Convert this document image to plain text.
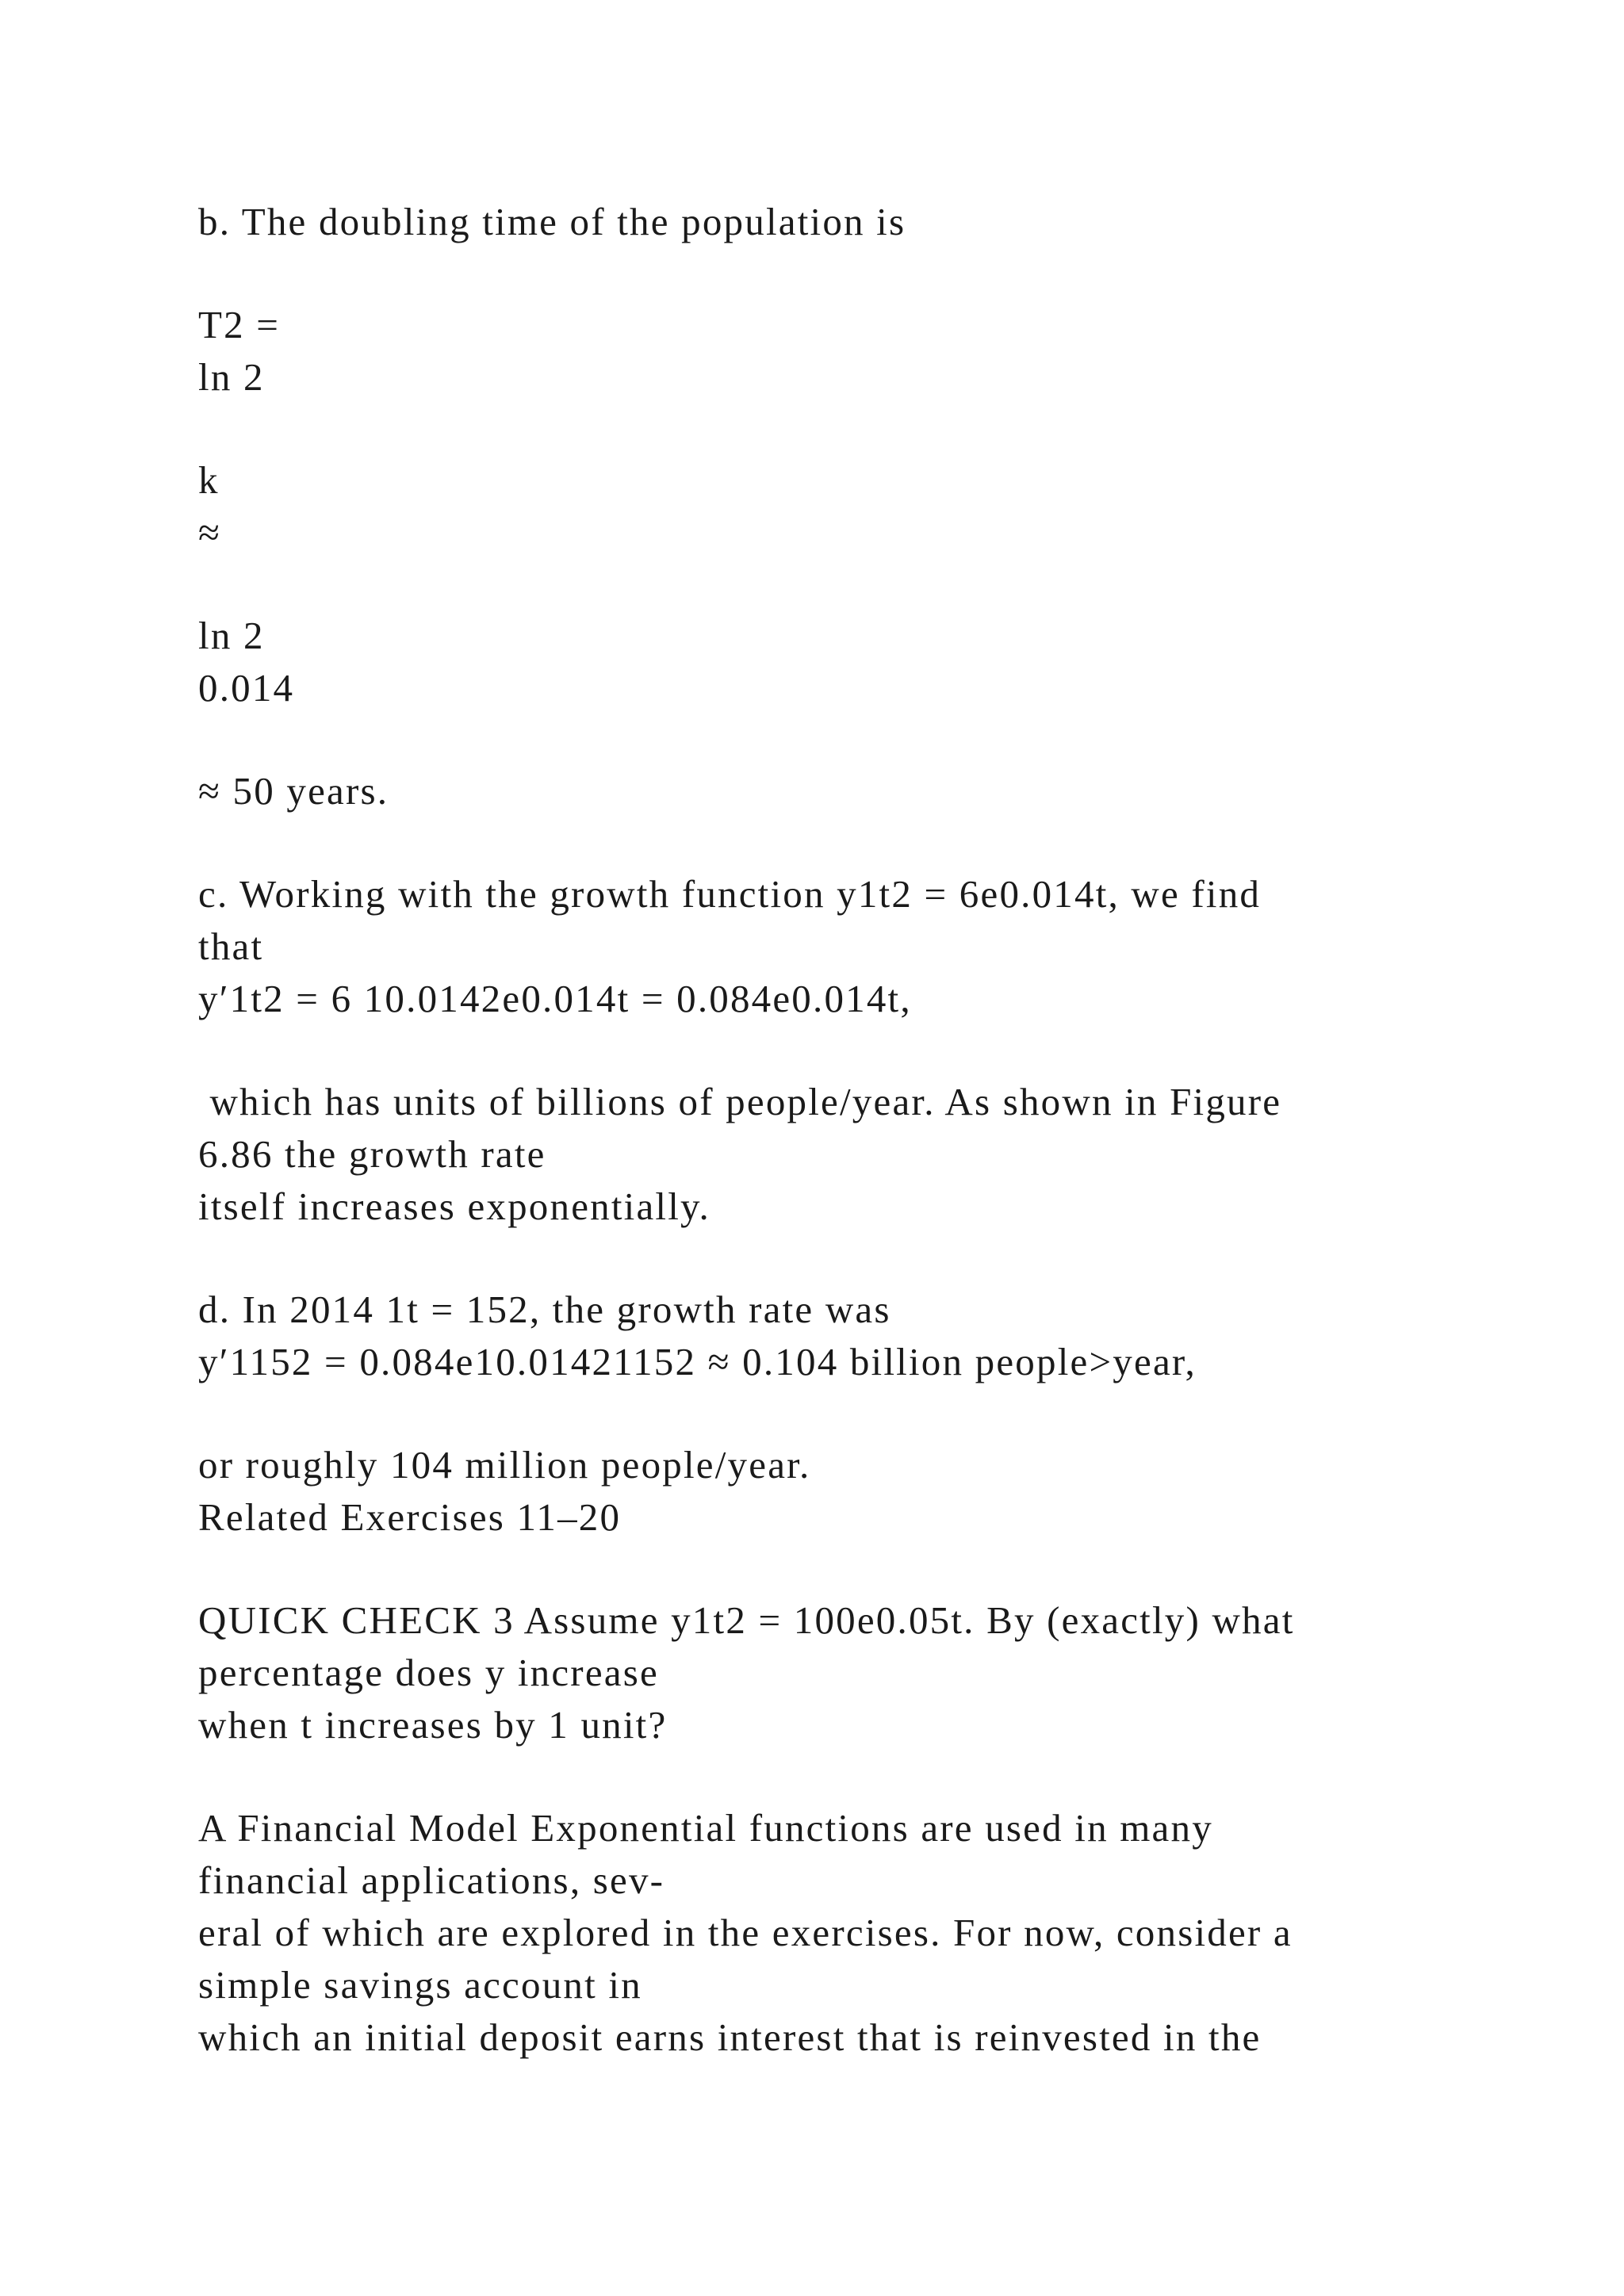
b. The doubling time of the population is

T2 =

ln 2

k

≈

ln 2

0.014

≈ 50 years.

c. Working with the growth function y1t2 = 6e0.014t, we find

that

y′1t2 = 6 10.0142e0.014t = 0.084e0.014t,

which has units of billions of people/year. As shown in Figure

6.86 the growth rate

itself increases exponentially.

d. In 2014 1t = 152, the growth rate was

y′1152 = 0.084e10.01421152 ≈ 0.104 billion people>year,

or roughly 104 million people/year.

Related Exercises 11–20

QUICK CHECK 3 Assume y1t2 = 100e0.05t. By (exactly) what

percentage does y increase

when t increases by 1 unit?

A Financial Model Exponential functions are used in many

financial applications, sev-

eral of which are explored in the exercises. For now, consider a

simple savings account in

which an initial deposit earns interest that is reinvested in the
